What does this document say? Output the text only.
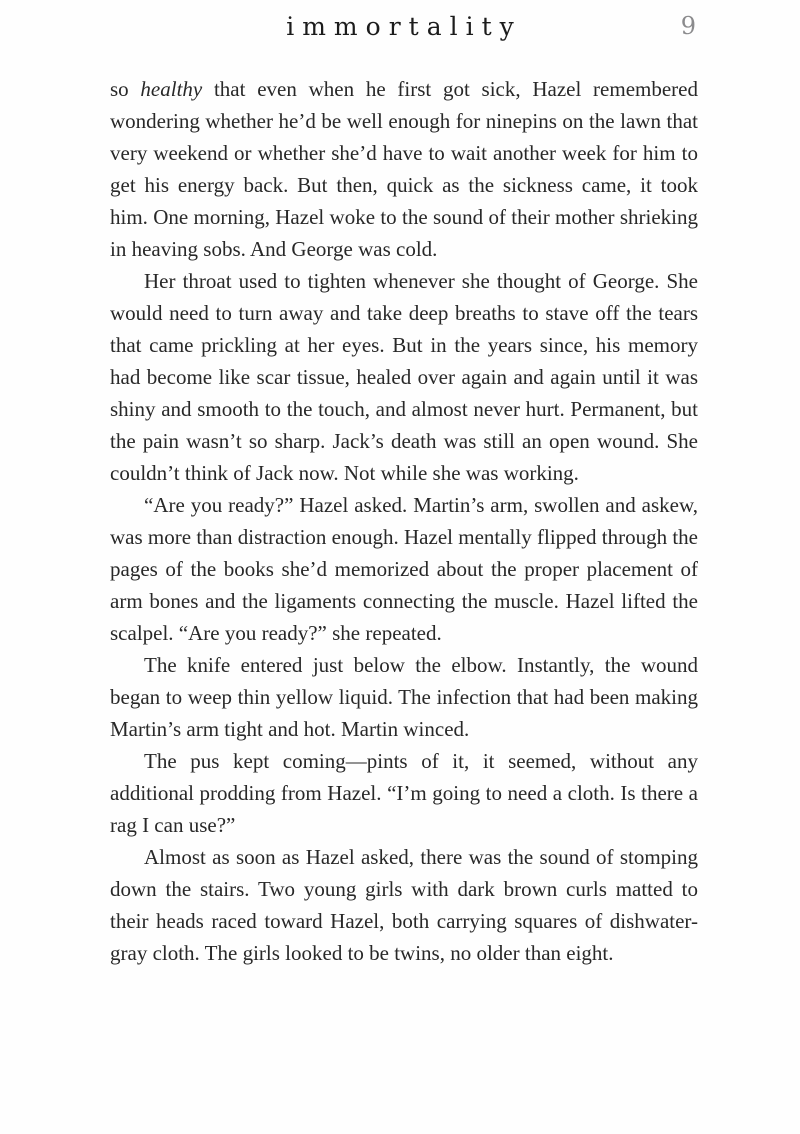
immortality	9

so healthy that even when he first got sick, Hazel remembered wondering whether he’d be well enough for ninepins on the lawn that very weekend or whether she’d have to wait another week for him to get his energy back. But then, quick as the sickness came, it took him. One morning, Hazel woke to the sound of their mother shrieking in heaving sobs. And George was cold.

Her throat used to tighten whenever she thought of George. She would need to turn away and take deep breaths to stave off the tears that came prickling at her eyes. But in the years since, his memory had become like scar tissue, healed over again and again until it was shiny and smooth to the touch, and almost never hurt. Permanent, but the pain wasn’t so sharp. Jack’s death was still an open wound. She couldn’t think of Jack now. Not while she was working.

“Are you ready?” Hazel asked. Martin’s arm, swollen and askew, was more than distraction enough. Hazel mentally flipped through the pages of the books she’d memorized about the proper placement of arm bones and the ligaments connecting the muscle. Hazel lifted the scalpel. “Are you ready?” she repeated.

The knife entered just below the elbow. Instantly, the wound began to weep thin yellow liquid. The infection that had been making Martin’s arm tight and hot. Martin winced.

The pus kept coming—pints of it, it seemed, without any additional prodding from Hazel. “I’m going to need a cloth. Is there a rag I can use?”

Almost as soon as Hazel asked, there was the sound of stomping down the stairs. Two young girls with dark brown curls matted to their heads raced toward Hazel, both carrying squares of dishwater-gray cloth. The girls looked to be twins, no older than eight.
